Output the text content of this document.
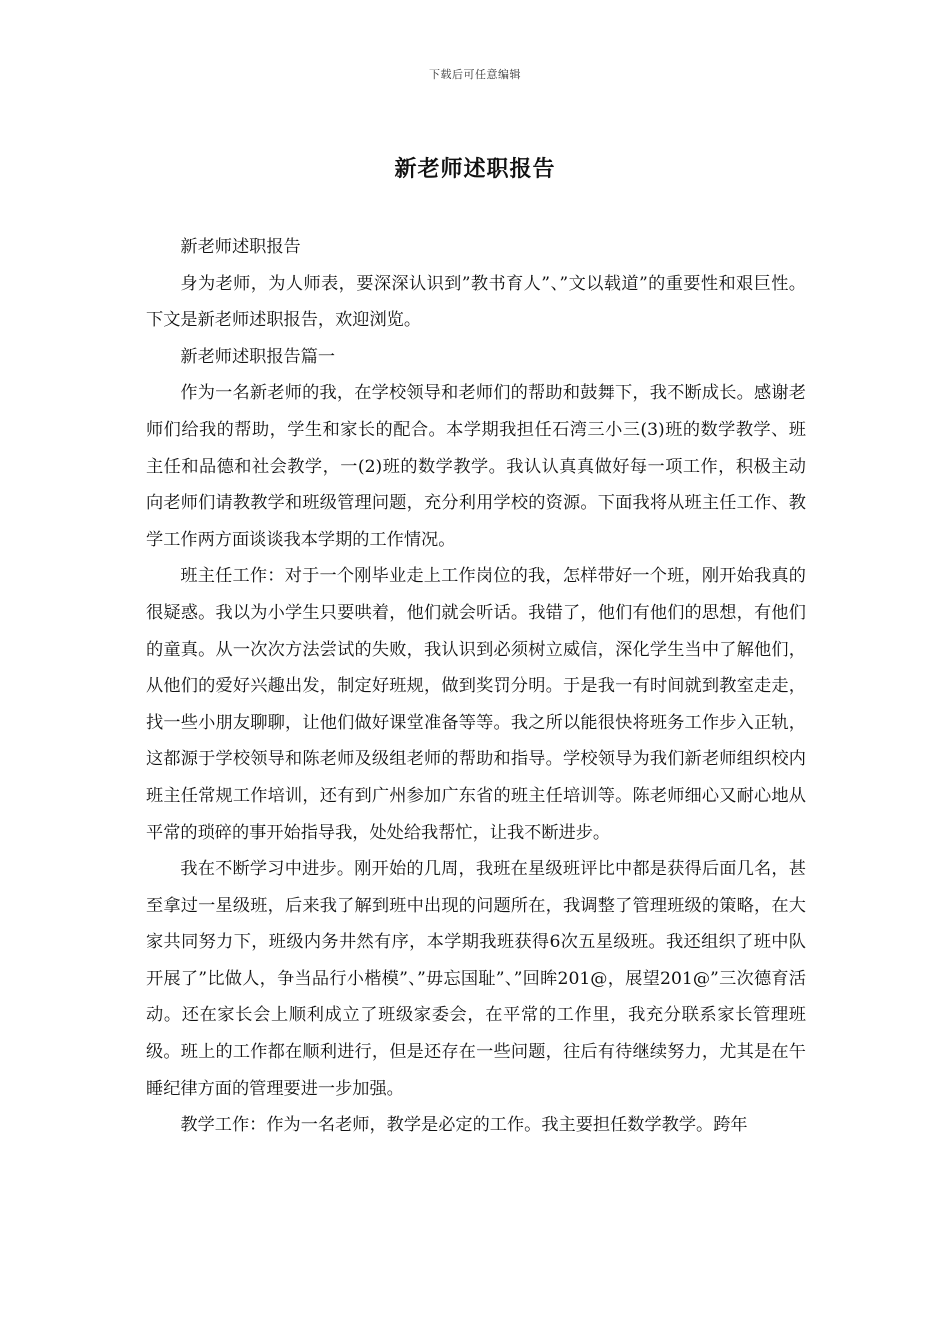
下载后可任意编辑
新老师述职报告

新老师述职报告

身为老师，为人师表，要深深认识到”教书育人”、”文以载道”的重要性和艰巨性。下文是新老师述职报告，欢迎浏览。

新老师述职报告篇一

作为一名新老师的我，在学校领导和老师们的帮助和鼓舞下，我不断成长。感谢老师们给我的帮助，学生和家长的配合。本学期我担任石湾三小三(3)班的数学教学、班主任和品德和社会教学，一(2)班的数学教学。我认认真真做好每一项工作，积极主动向老师们请教教学和班级管理问题，充分利用学校的资源。下面我将从班主任工作、教学工作两方面谈谈我本学期的工作情况。

班主任工作：对于一个刚毕业走上工作岗位的我，怎样带好一个班，刚开始我真的很疑惑。我以为小学生只要哄着，他们就会听话。我错了，他们有他们的思想，有他们的童真。从一次次方法尝试的失败，我认识到必须树立威信，深化学生当中了解他们，从他们的爱好兴趣出发，制定好班规，做到奖罚分明。于是我一有时间就到教室走走，找一些小朋友聊聊，让他们做好课堂准备等等。我之所以能很快将班务工作步入正轨，这都源于学校领导和陈老师及级组老师的帮助和指导。学校领导为我们新老师组织校内班主任常规工作培训，还有到广州参加广东省的班主任培训等。陈老师细心又耐心地从平常的琐碎的事开始指导我，处处给我帮忙，让我不断进步。

我在不断学习中进步。刚开始的几周，我班在星级班评比中都是获得后面几名，甚至拿过一星级班，后来我了解到班中出现的问题所在，我调整了管理班级的策略，在大家共同努力下，班级内务井然有序，本学期我班获得6次五星级班。我还组织了班中队开展了”比做人，争当品行小楷模”、”毋忘国耻”、”回眸201@，展望201@”三次德育活动。还在家长会上顺利成立了班级家委会，在平常的工作里，我充分联系家长管理班级。班上的工作都在顺利进行，但是还存在一些问题，往后有待继续努力，尤其是在午睡纪律方面的管理要进一步加强。

教学工作：作为一名老师，教学是必定的工作。我主要担任数学教学。跨年
